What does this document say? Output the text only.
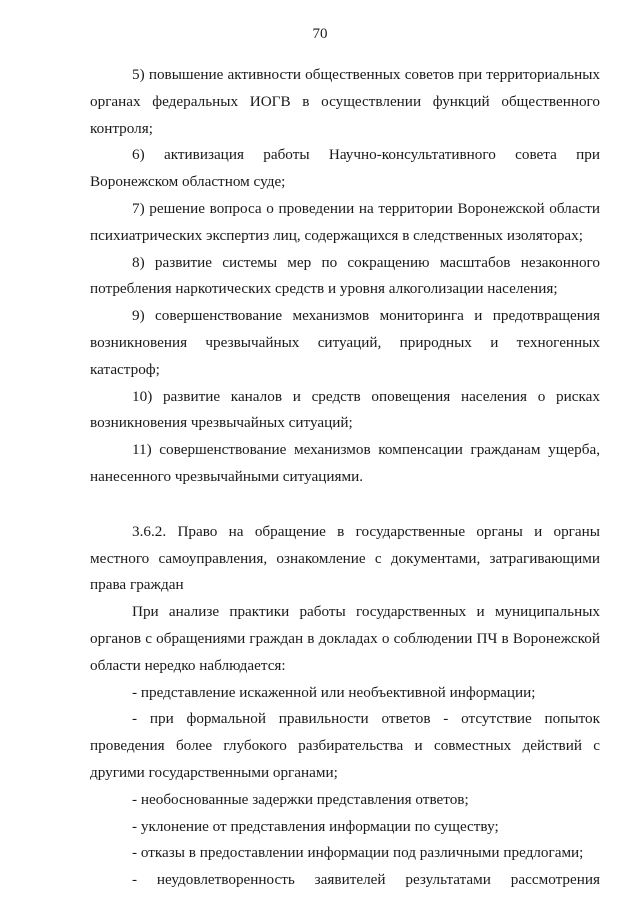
70

5) повышение активности общественных советов при территориальных органах федеральных ИОГВ в осуществлении функций общественного контроля;

6) активизация работы Научно-консультативного совета при Воронежском областном суде;

7) решение вопроса о проведении на территории Воронежской области психиатрических экспертиз лиц, содержащихся в следственных изоляторах;

8) развитие системы мер по сокращению масштабов незаконного потребления наркотических средств и уровня алкоголизации населения;

9) совершенствование механизмов мониторинга и предотвращения возникновения чрезвычайных ситуаций, природных и техногенных катастроф;

10) развитие каналов и средств оповещения населения о рисках возникновения чрезвычайных ситуаций;

11) совершенствование механизмов компенсации гражданам ущерба, нанесенного чрезвычайными ситуациями.

3.6.2. Право на обращение в государственные органы и органы местного самоуправления, ознакомление с документами, затрагивающими права граждан

При анализе практики работы государственных и муниципальных органов с обращениями граждан в докладах о соблюдении ПЧ в Воронежской области нередко наблюдается:

- представление искаженной или необъективной информации;

- при формальной правильности ответов - отсутствие попыток проведения более глубокого разбирательства и совместных действий с другими государственными органами;

- необоснованные задержки представления ответов;

- уклонение от представления информации по существу;

- отказы в предоставлении информации под различными предлогами;

- неудовлетворенность заявителей результатами рассмотрения
